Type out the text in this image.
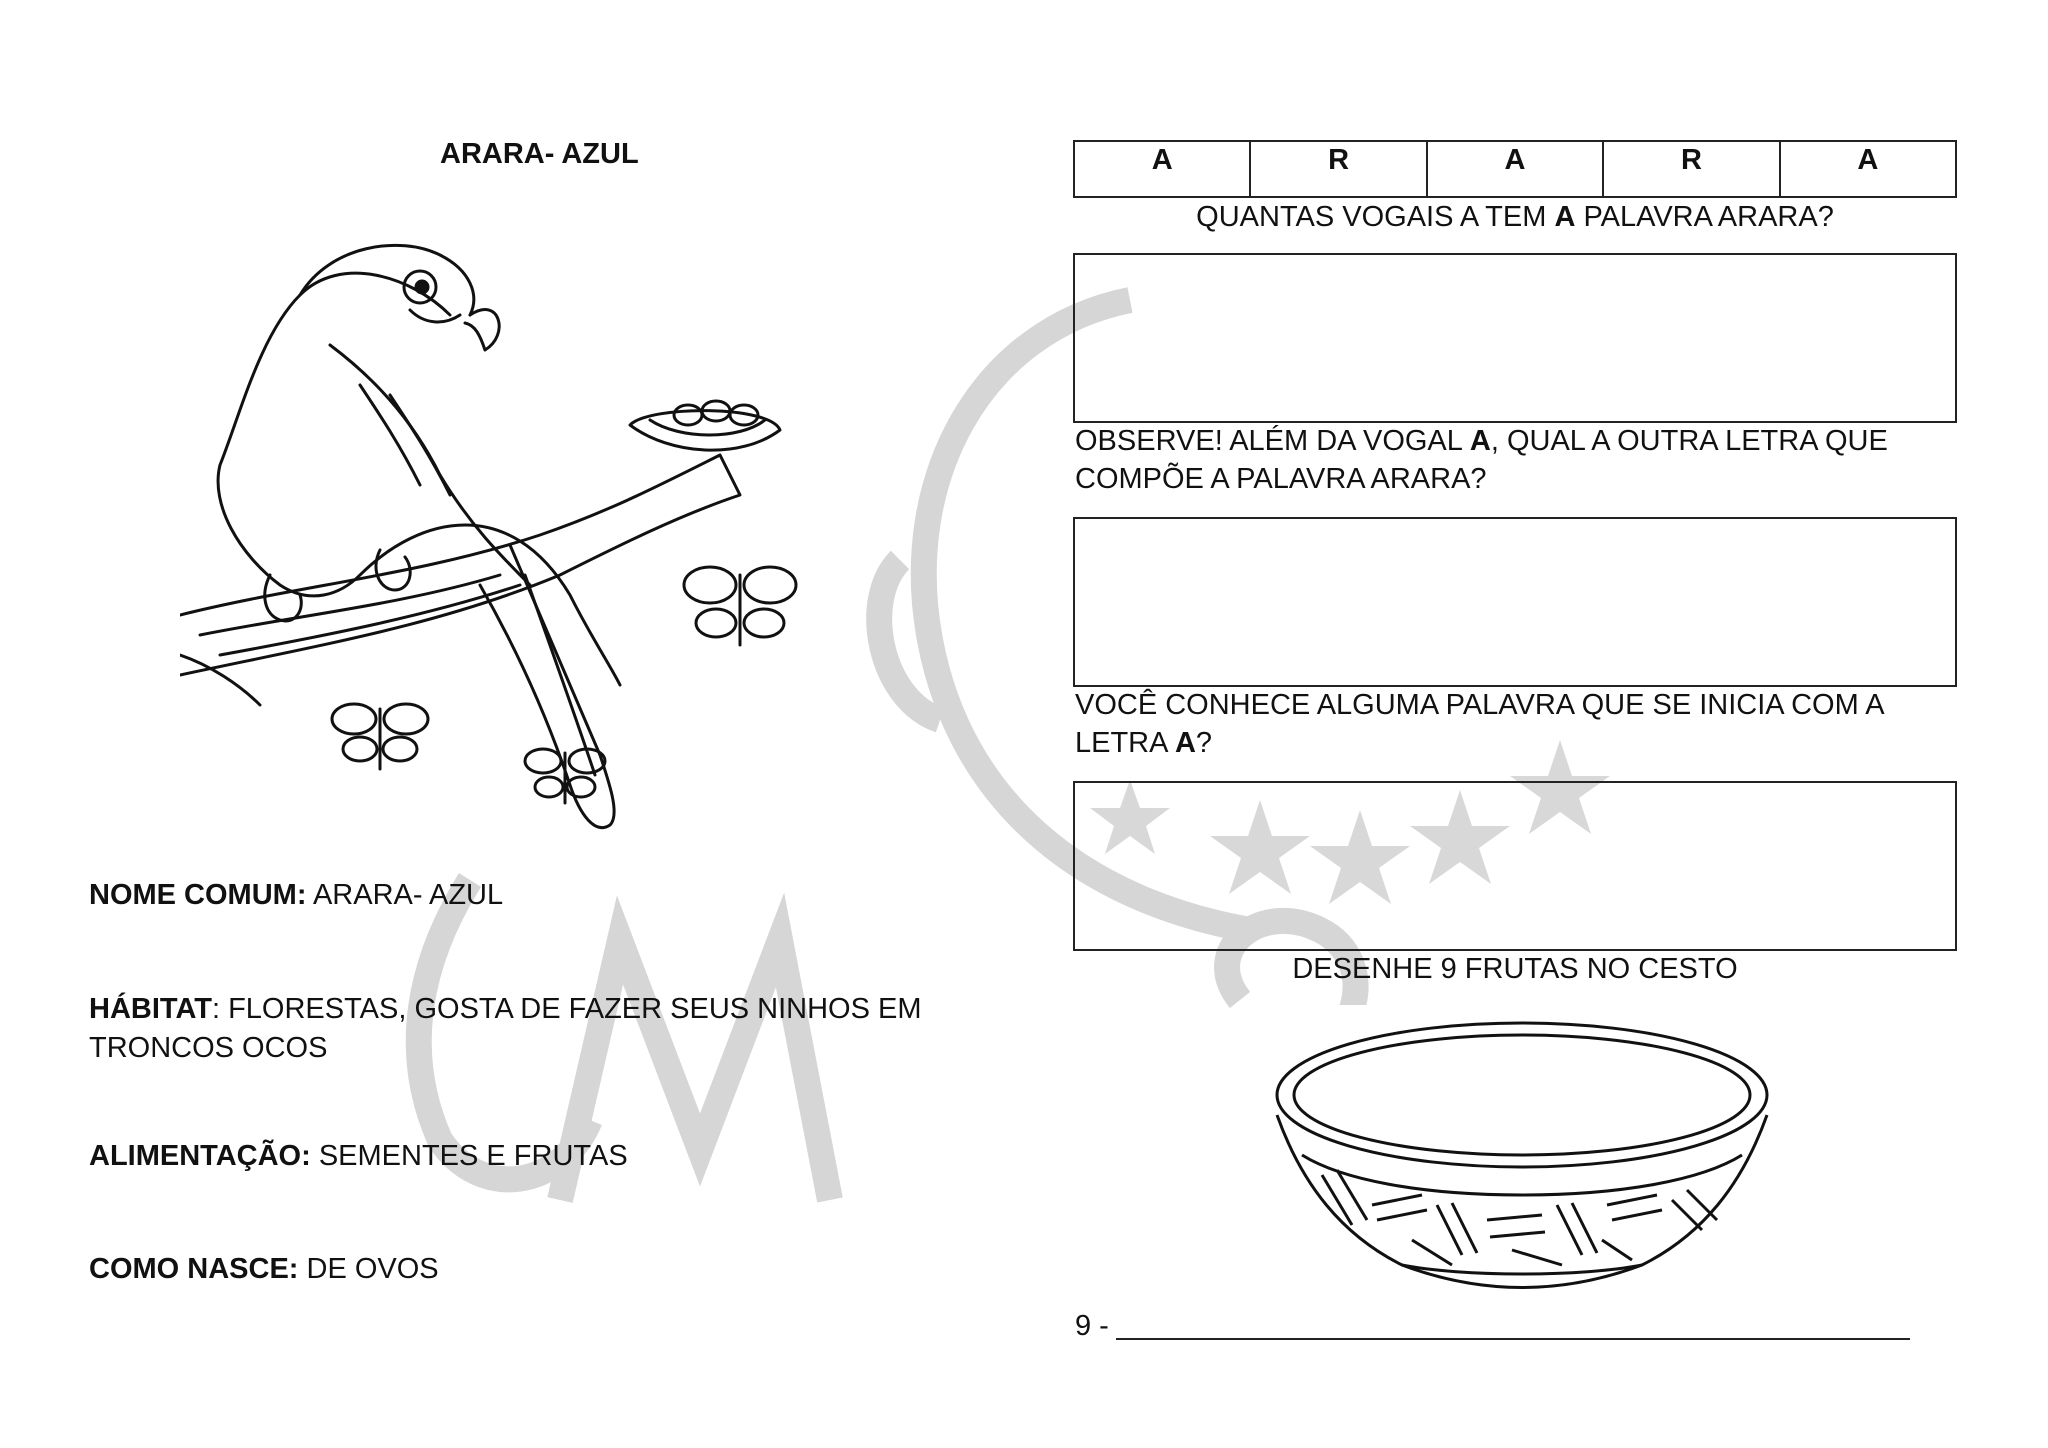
ARARA- AZUL
NOME COMUM: ARARA- AZUL
HÁBITAT: FLORESTAS, GOSTA DE FAZER SEUS NINHOS EM TRONCOS OCOS
ALIMENTAÇÃO: SEMENTES E FRUTAS
COMO NASCE: DE OVOS
A	R	A	R	A
QUANTAS VOGAIS A TEM A PALAVRA ARARA?
OBSERVE! ALÉM DA VOGAL A, QUAL A OUTRA LETRA QUE COMPÕE A PALAVRA ARARA?
VOCÊ CONHECE ALGUMA PALAVRA QUE SE INICIA COM A LETRA A?
DESENHE 9 FRUTAS NO CESTO
9 -
